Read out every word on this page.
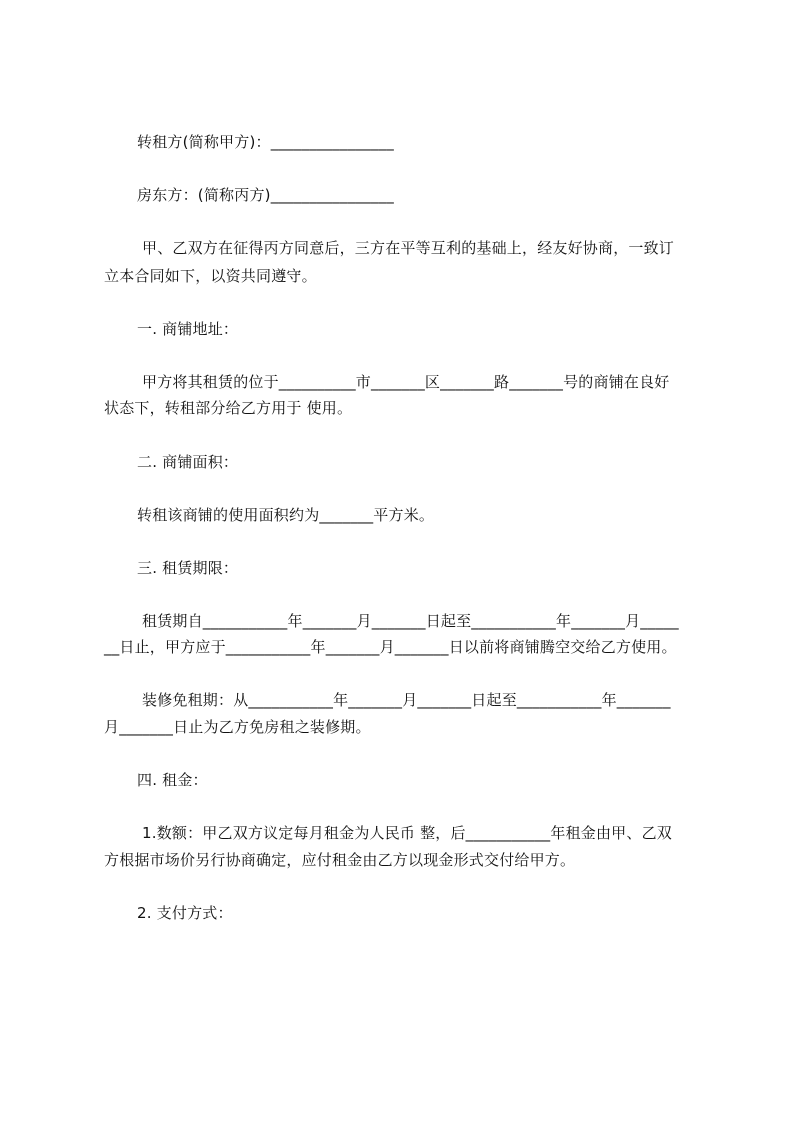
转租方(简称甲方)：________________
房东方：(简称丙方)________________
甲、乙双方在征得丙方同意后，三方在平等互利的基础上，经友好协商，一致订
立本合同如下，以资共同遵守。
一. 商铺地址：
甲方将其租赁的位于__________市_______区_______路_______号的商铺在良好
状态下，转租部分给乙方用于 使用。
二. 商铺面积：
转租该商铺的使用面积约为_______平方米。
三. 租赁期限：
租赁期自___________年_______月_______日起至___________年_______月_____
__日止，甲方应于___________年_______月_______日以前将商铺腾空交给乙方使用。
装修免租期：从___________年_______月_______日起至___________年_______
月_______日止为乙方免房租之装修期。
四. 租金：
1.数额：甲乙双方议定每月租金为人民币 整，后___________年租金由甲、乙双
方根据市场价另行协商确定，应付租金由乙方以现金形式交付给甲方。
2. 支付方式：
